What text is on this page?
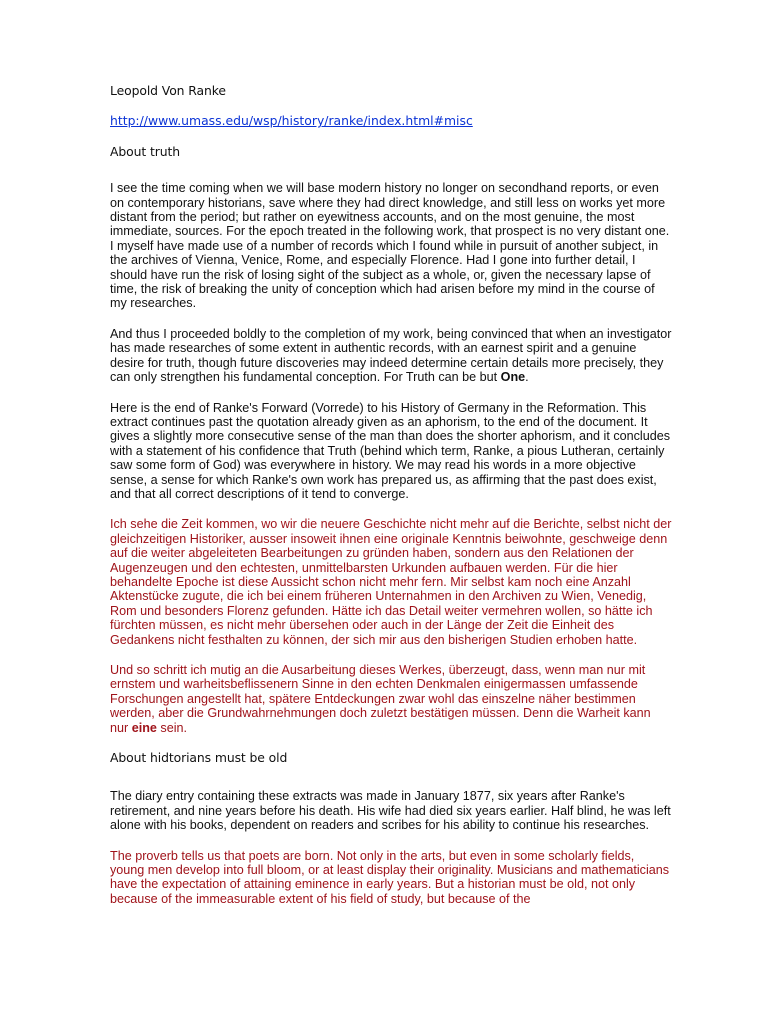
Leopold Von Ranke
http://www.umass.edu/wsp/history/ranke/index.html#misc
About truth

I see the time coming when we will base modern history no longer on secondhand reports, or even on contemporary historians, save where they had direct knowledge, and still less on works yet more distant from the period; but rather on eyewitness accounts, and on the most genuine, the most immediate, sources. For the epoch treated in the following work, that prospect is no very distant one. I myself have made use of a number of records which I found while in pursuit of another subject, in the archives of Vienna, Venice, Rome, and especially Florence. Had I gone into further detail, I should have run the risk of losing sight of the subject as a whole, or, given the necessary lapse of time, the risk of breaking the unity of conception which had arisen before my mind in the course of my researches.

And thus I proceeded boldly to the completion of my work, being convinced that when an investigator has made researches of some extent in authentic records, with an earnest spirit and a genuine desire for truth, though future discoveries may indeed determine certain details more precisely, they can only strengthen his fundamental conception. For Truth can be but One.

Here is the end of Ranke's Forward (Vorrede) to his History of Germany in the Reformation. This extract continues past the quotation already given as an aphorism, to the end of the document. It gives a slightly more consecutive sense of the man than does the shorter aphorism, and it concludes with a statement of his confidence that Truth (behind which term, Ranke, a pious Lutheran, certainly saw some form of God) was everywhere in history. We may read his words in a more objective sense, a sense for which Ranke's own work has prepared us, as affirming that the past does exist, and that all correct descriptions of it tend to converge.

Ich sehe die Zeit kommen, wo wir die neuere Geschichte nicht mehr auf die Berichte, selbst nicht der gleichzeitigen Historiker, ausser insoweit ihnen eine originale Kenntnis beiwohnte, geschweige denn auf die weiter abgeleiteten Bearbeitungen zu gründen haben, sondern aus den Relationen der Augenzeugen und den echtesten, unmittelbarsten Urkunden aufbauen werden. Für die hier behandelte Epoche ist diese Aussicht schon nicht mehr fern. Mir selbst kam noch eine Anzahl Aktenstücke zugute, die ich bei einem früheren Unternahmen in den Archiven zu Wien, Venedig, Rom und besonders Florenz gefunden. Hätte ich das Detail weiter vermehren wollen, so hätte ich fürchten müssen, es nicht mehr übersehen oder auch in der Länge der Zeit die Einheit des Gedankens nicht festhalten zu können, der sich mir aus den bisherigen Studien erhoben hatte.

Und so schritt ich mutig an die Ausarbeitung dieses Werkes, überzeugt, dass, wenn man nur mit ernstem und warheitsbeflissenern Sinne in den echten Denkmalen einigermassen umfassende Forschungen angestellt hat, spätere Entdeckungen zwar wohl das einszelne näher bestimmen werden, aber die Grundwahrnehmungen doch zuletzt bestätigen müssen. Denn die Warheit kann nur eine sein.

About hidtorians must be old

The diary entry containing these extracts was made in January 1877, six years after Ranke's retirement, and nine years before his death. His wife had died six years earlier. Half blind, he was left alone with his books, dependent on readers and scribes for his ability to continue his researches.

The proverb tells us that poets are born. Not only in the arts, but even in some scholarly fields, young men develop into full bloom, or at least display their originality. Musicians and mathematicians have the expectation of attaining eminence in early years. But a historian must be old, not only because of the immeasurable extent of his field of study, but because of the
